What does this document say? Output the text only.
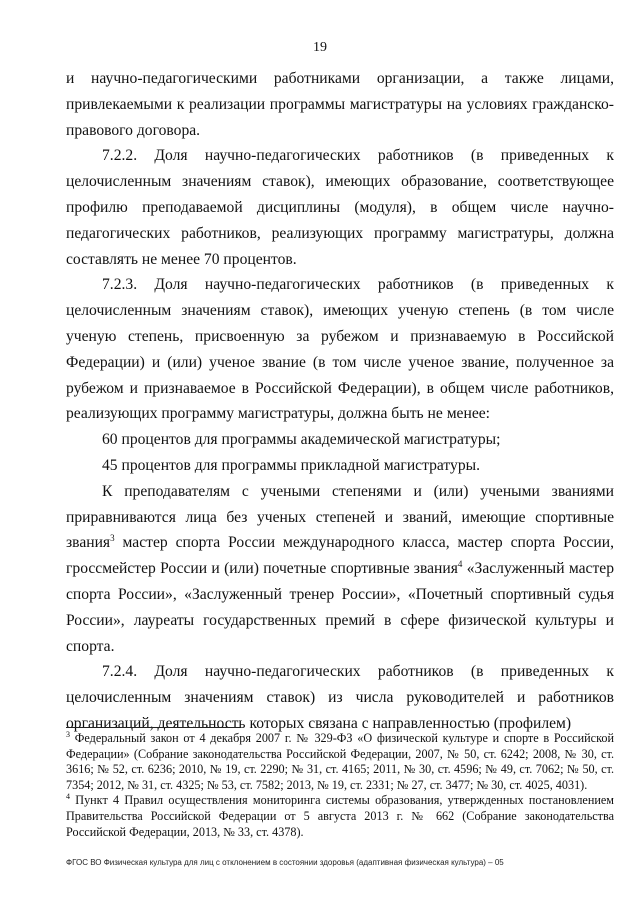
19

и научно-педагогическими работниками организации, а также лицами, привлекаемыми к реализации программы магистратуры на условиях гражданско-правового договора.

7.2.2. Доля научно-педагогических работников (в приведенных к целочисленным значениям ставок), имеющих образование, соответствующее профилю преподаваемой дисциплины (модуля), в общем числе научно-педагогических работников, реализующих программу магистратуры, должна составлять не менее 70 процентов.

7.2.3. Доля научно-педагогических работников (в приведенных к целочисленным значениям ставок), имеющих ученую степень (в том числе ученую степень, присвоенную за рубежом и признаваемую в Российской Федерации) и (или) ученое звание (в том числе ученое звание, полученное за рубежом и признаваемое в Российской Федерации), в общем числе работников, реализующих программу магистратуры, должна быть не менее:

60 процентов для программы академической магистратуры;

45 процентов для программы прикладной магистратуры.

К преподавателям с учеными степенями и (или) учеными званиями приравниваются лица без ученых степеней и званий, имеющие спортивные звания$^3$ мастер спорта России международного класса, мастер спорта России, гроссмейстер России и (или) почетные спортивные звания$^4$ «Заслуженный мастер спорта России», «Заслуженный тренер России», «Почетный спортивный судья России», лауреаты государственных премий в сфере физической культуры и спорта.

7.2.4. Доля научно-педагогических работников (в приведенных к целочисленным значениям ставок) из числа руководителей и работников организаций, деятельность которых связана с направленностью (профилем)

$^3$ Федеральный закон от 4 декабря 2007 г. № 329-ФЗ «О физической культуре и спорте в Российской Федерации» (Собрание законодательства Российской Федерации, 2007, № 50, ст. 6242; 2008, № 30, ст. 3616; № 52, ст. 6236; 2010, № 19, ст. 2290; № 31, ст. 4165; 2011, № 30, ст. 4596; № 49, ст. 7062; № 50, ст. 7354; 2012, № 31, ст. 4325; № 53, ст. 7582; 2013, № 19, ст. 2331; № 27, ст. 3477; № 30, ст. 4025, 4031).

$^4$ Пункт 4 Правил осуществления мониторинга системы образования, утвержденных постановлением Правительства Российской Федерации от 5 августа 2013 г. № 662 (Собрание законодательства Российской Федерации, 2013, № 33, ст. 4378).

ФГОС ВО Физическая культура для лиц с отклонением в состоянии здоровья (адаптивная физическая культура) – 05
